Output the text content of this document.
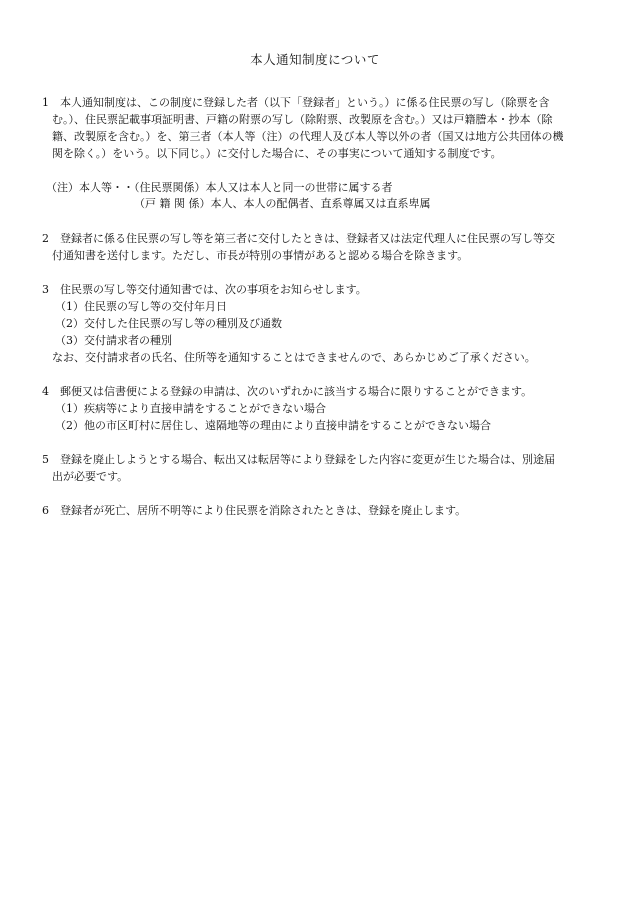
本人通知制度について
1　本人通知制度は、この制度に登録した者（以下「登録者」という。）に係る住民票の写し（除票を含
む。）、住民票記載事項証明書、戸籍の附票の写し（除附票、改製原を含む。）又は戸籍謄本・抄本（除
籍、改製原を含む。）を、第三者（本人等（注）の代理人及び本人等以外の者（国又は地方公共団体の機
関を除く。）をいう。以下同じ。）に交付した場合に、その事実について通知する制度です。
（注）本人等・・（住民票関係）本人又は本人と同一の世帯に属する者
（戸 籍 関 係）本人、本人の配偶者、直系尊属又は直系卑属
2　登録者に係る住民票の写し等を第三者に交付したときは、登録者又は法定代理人に住民票の写し等交
付通知書を送付します。ただし、市長が特別の事情があると認める場合を除きます。
3　住民票の写し等交付通知書では、次の事項をお知らせします。
（1）住民票の写し等の交付年月日
（2）交付した住民票の写し等の種別及び通数
（3）交付請求者の種別
なお、交付請求者の氏名、住所等を通知することはできませんので、あらかじめご了承ください。
4　郵便又は信書便による登録の申請は、次のいずれかに該当する場合に限りすることができます。
（1）疾病等により直接申請をすることができない場合
（2）他の市区町村に居住し、遠隔地等の理由により直接申請をすることができない場合
5　登録を廃止しようとする場合、転出又は転居等により登録をした内容に変更が生じた場合は、別途届
出が必要です。
6　登録者が死亡、居所不明等により住民票を消除されたときは、登録を廃止します。
